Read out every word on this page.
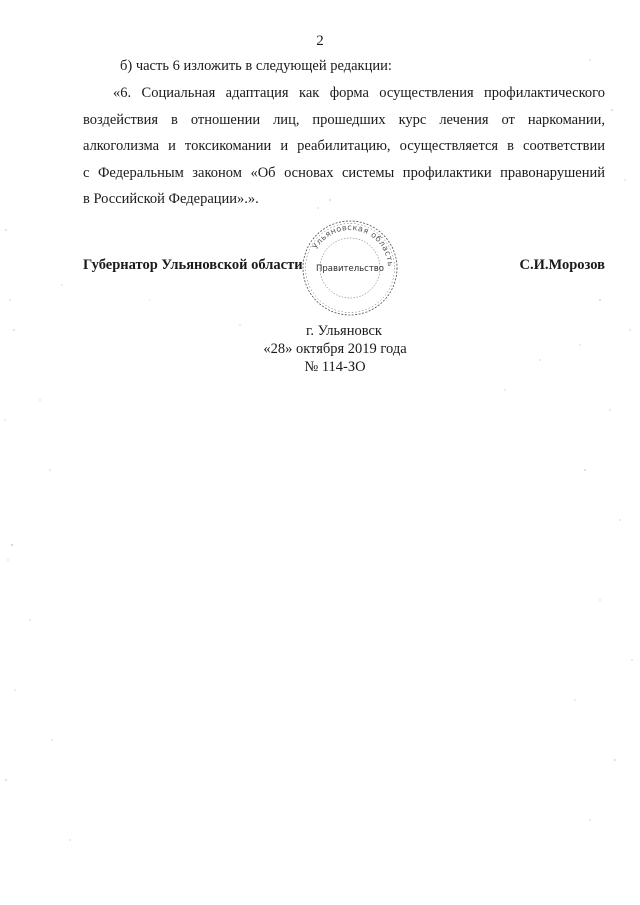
2
б) часть 6 изложить в следующей редакции:
«6. Социальная адаптация как форма осуществления профилактического
воздействия в отношении лиц, прошедших курс лечения от наркомании,
алкоголизма и токсикомании и реабилитацию, осуществляется в соответствии
с Федеральным законом «Об основах системы профилактики правонарушений
в Российской Федерации».».
Губернатор Ульяновской области
Ульяновская область
Правительство	С.И.Морозов
г. Ульяновск
«28» октября 2019 года
№ 114-ЗО
